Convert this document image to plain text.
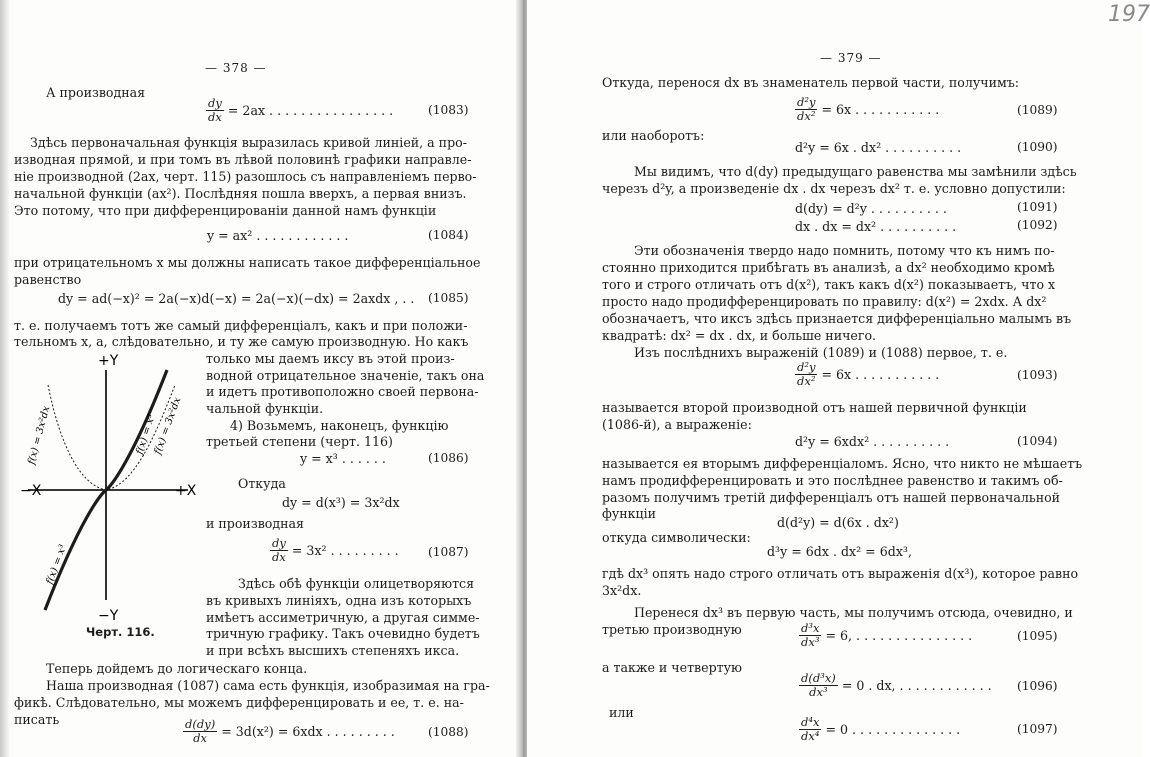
— 378 —
А производная
$\frac{dy}{dx} = 2ax$ . . . . . . . . . . . . . . . .	(1083)
Здѣсь первоначальная функція выразилась кривой линіей, а про-
изводная прямой, и при томъ въ лѣвой половинѣ графики направле-
ніе производной (2ax, черт. 115) разошлось съ направленіемъ перво-
начальной функціи (ax²). Послѣдняя пошла вверхъ, а первая внизъ.
Это потому, что при дифференцированіи данной намъ функціи
y = ax² . . . . . . . . . . . .	(1084)
при отрицательномъ x мы должны написать такое дифференціальное
равенство
dy = ad(−x)² = 2a(−x)d(−x) = 2a(−x)(−dx) = 2axdx , . . (1085)
т. е. получаемъ тотъ же самый дифференціалъ, какъ и при положи-
тельномъ x, а, слѣдовательно, и ту же самую производную. Но какъ
только мы даемъ иксу въ этой произ-
водной отрицательное значеніе, такъ она
и идетъ противоположно своей первона-
чальной функціи.
4) Возьмемъ, наконецъ, функцію
третьей степени (черт. 116)
y = x³ . . . . . .	(1086)
Откуда
dy = d(x³) = 3x²dx
и производная
$\frac{dy}{dx} = 3x^2$ . . . . . . . . . (1087)
Здѣсь обѣ функціи олицетворяются
въ кривыхъ линіяхъ, одна изъ которыхъ
имѣетъ ассиметричную, а другая симме-
тричную графику. Такъ очевидно будетъ
и при всѣхъ высшихъ степеняхъ икса.
Теперь дойдемъ до логическаго конца.
Наша производная (1087) сама есть функція, изобразимая на гра-
фикѣ. Слѣдовательно, мы можемъ дифференцировать и ее, т. е. на-
писать	$\frac{d(dy)}{dx} = 3d(x^2) = 6xdx$ . . . . . . . . .	(1088)
+Y
−Y
−X	+X
f(x) = 3x²dx	f(x) = x³
f(x) = 3x²dx
f(x) = x³
Черт. 116.
— 379 —
Откуда, перенося dx въ знаменатель первой части, получимъ:
$\frac{\text{d²y}}{\text{dx²}} = 6x$ . . . . . . . . . . .	(1089)
или наоборотъ:
d²y = 6x . dx² . . . . . . . . . .	(1090)
Мы видимъ, что d(dy) предыдущаго равенства мы замѣнили здѣсь
черезъ d²y, а произведеніе dx . dx черезъ dx² т. е. условно допустили:
d(dy) = d²y . . . . . . . . . .	(1091)
dx . dx = dx² . . . . . . . . . .	(1092)
Эти обозначенія твердо надо помнить, потому что къ нимъ по-
стоянно приходится прибѣгать въ анализѣ, а dx² необходимо кромѣ
того и строго отличать отъ d(x²), такъ какъ d(x²) показываетъ, что x
просто надо продифференцировать по правилу: d(x²) = 2xdx. А dx²
обозначаетъ, что иксъ здѣсь признается дифференціально малымъ въ
квадратѣ: dx² = dx . dx, и больше ничего.
Изъ послѣднихъ выраженій (1089) и (1088) первое, т. е.
$\frac{\text{d²y}}{\text{dx²}} = 6x$ . . . . . . . . . . .	(1093)
называется второй производной отъ нашей первичной функціи
(1086-й), а выраженіе:
d²y = 6xdx² . . . . . . . . . .	(1094)
называется ея вторымъ дифференціаломъ. Ясно, что никто не мѣшаетъ
намъ продифференцировать и это послѣднее равенство и такимъ об-
разомъ получимъ третій дифференціалъ отъ нашей первоначальной
функціи
d(d²y) = d(6x . dx²)
откуда символически:
d³y = 6dx . dx² = 6dx³,
гдѣ dx³ опять надо строго отличать отъ выраженія d(x³), которое равно
3x²dx.
Перенеся dx³ въ первую часть, мы получимъ отсюда, очевидно, и
третью производную	$\frac{\text{d³x}}{\text{dx³}} = 6$, . . . . . . . . . . . . . . .	(1095)
а также и четвертую
$\frac{\text{d(d³x)}}{\text{dx³}} = 0$ . dx, . . . . . . . . . . . . (1096)
или
$\frac{\text{d⁴x}}{\text{dx⁴}} = 0$ . . . . . . . . . . . . . .	(1097)
197
